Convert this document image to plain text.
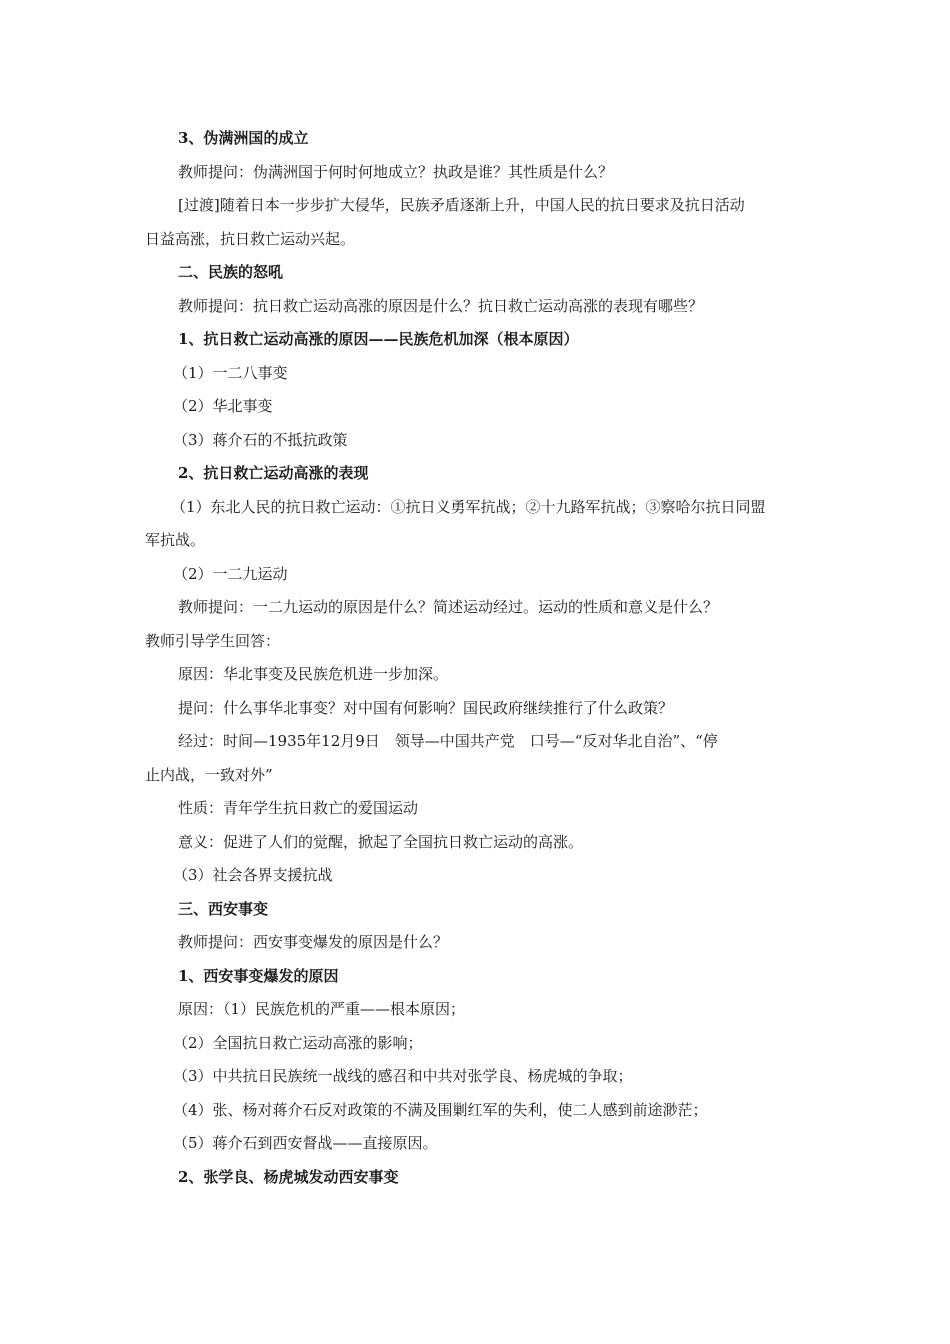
3、伪满洲国的成立
教师提问：伪满洲国于何时何地成立？执政是谁？其性质是什么？
[过渡]随着日本一步步扩大侵华，民族矛盾逐渐上升，中国人民的抗日要求及抗日活动
日益高涨，抗日救亡运动兴起。
二、民族的怒吼
教师提问：抗日救亡运动高涨的原因是什么？抗日救亡运动高涨的表现有哪些？
1、抗日救亡运动高涨的原因——民族危机加深（根本原因）
（1）一二八事变
（2）华北事变
（3）蒋介石的不抵抗政策
2、抗日救亡运动高涨的表现
（1）东北人民的抗日救亡运动：①抗日义勇军抗战；②十九路军抗战；③察哈尔抗日同盟
军抗战。
（2）一二九运动
教师提问：一二九运动的原因是什么？简述运动经过。运动的性质和意义是什么？
教师引导学生回答：
原因：华北事变及民族危机进一步加深。
提问：什么事华北事变？对中国有何影响？国民政府继续推行了什么政策？
经过：时间—1935年12月9日　领导—中国共产党　口号—“反对华北自治”、“停
止内战，一致对外”
性质：青年学生抗日救亡的爱国运动
意义：促进了人们的觉醒，掀起了全国抗日救亡运动的高涨。
（3）社会各界支援抗战
三、西安事变
教师提问：西安事变爆发的原因是什么？
1、西安事变爆发的原因
原因：（1）民族危机的严重——根本原因；
（2）全国抗日救亡运动高涨的影响；
（3）中共抗日民族统一战线的感召和中共对张学良、杨虎城的争取；
（4）张、杨对蒋介石反对政策的不满及围剿红军的失利，使二人感到前途渺茫；
（5）蒋介石到西安督战——直接原因。
2、张学良、杨虎城发动西安事变
